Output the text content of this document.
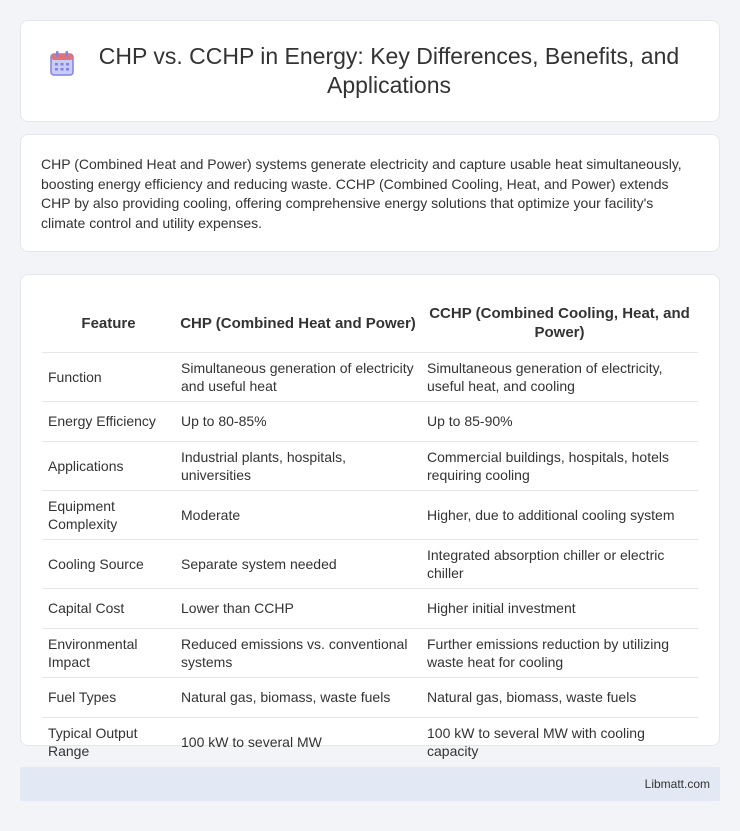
CHP vs. CCHP in Energy: Key Differences, Benefits, and Applications

CHP (Combined Heat and Power) systems generate electricity and capture usable heat simultaneously, boosting energy efficiency and reducing waste. CCHP (Combined Cooling, Heat, and Power) extends CHP by also providing cooling, offering comprehensive energy solutions that optimize your facility's climate control and utility expenses.

Feature	CHP (Combined Heat and Power)	CCHP (Combined Cooling, Heat, and Power)
Function	Simultaneous generation of electricity and useful heat	Simultaneous generation of electricity, useful heat, and cooling
Energy Efficiency	Up to 80-85%	Up to 85-90%
Applications	Industrial plants, hospitals, universities	Commercial buildings, hospitals, hotels requiring cooling
Equipment Complexity	Moderate	Higher, due to additional cooling system
Cooling Source	Separate system needed	Integrated absorption chiller or electric chiller
Capital Cost	Lower than CCHP	Higher initial investment
Environmental Impact	Reduced emissions vs. conventional systems	Further emissions reduction by utilizing waste heat for cooling
Fuel Types	Natural gas, biomass, waste fuels	Natural gas, biomass, waste fuels
Typical Output Range	100 kW to several MW	100 kW to several MW with cooling capacity
Libmatt.com
